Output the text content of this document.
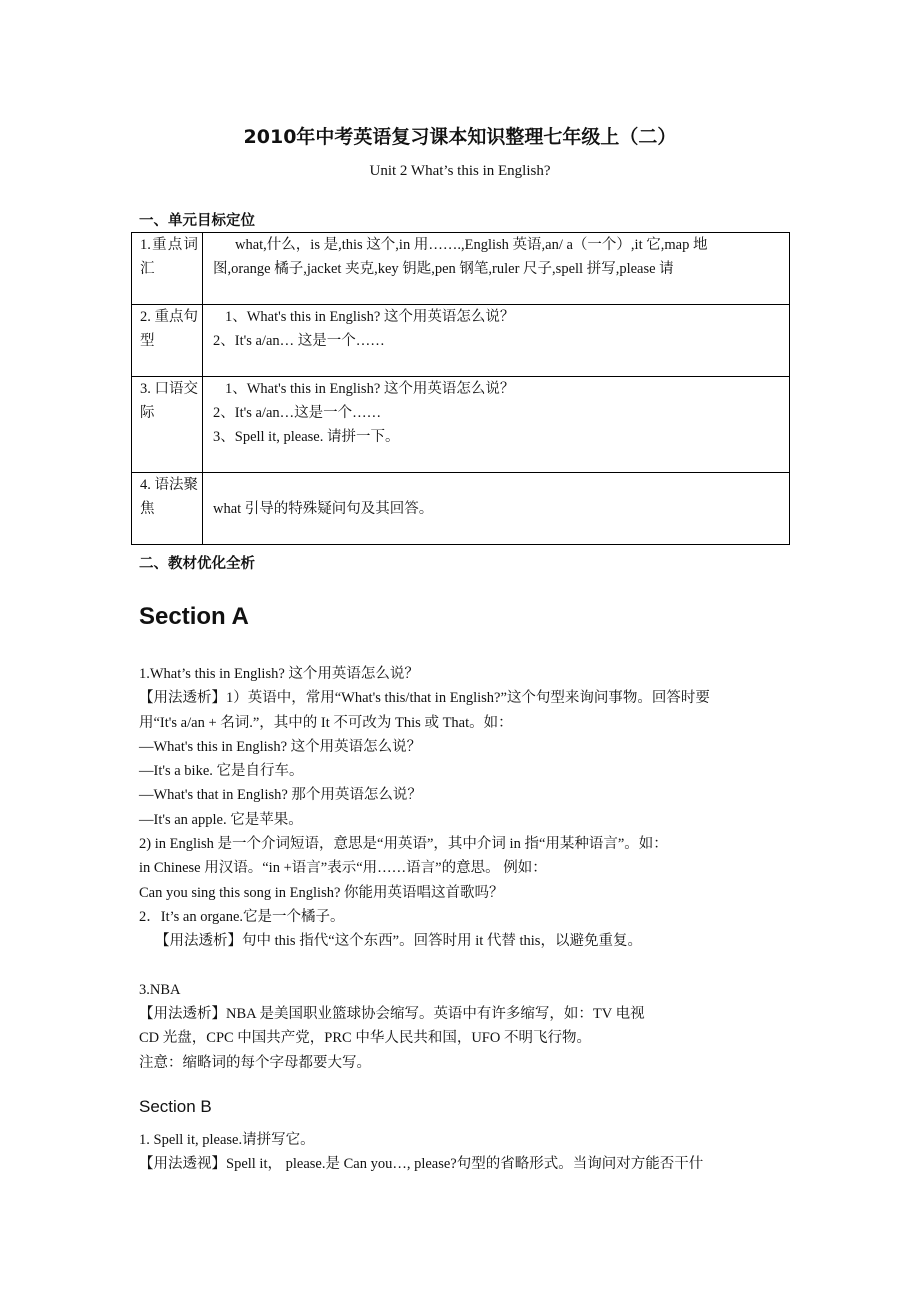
2010年中考英语复习课本知识整理七年级上（二）
Unit 2 What’s this in English?
一、单元目标定位
1.重点词汇	what,什么，is 是,this 这个,in 用…….,English 英语,an/ a（一个）,it 它,map 地
图,orange 橘子,jacket 夹克,key 钥匙,pen 钢笔,ruler 尺子,spell 拼写,please 请

2. 重点句型	1、What's this in English? 这个用英语怎么说？
2、It's a/an… 这是一个……

3. 口语交际	1、What's this in English? 这个用英语怎么说？
2、It's a/an…这是一个……
3、Spell it, please. 请拼一下。

4. 语法聚焦	what 引导的特殊疑问句及其回答。
二、教材优化全析
Section A

1.What’s this in English? 这个用英语怎么说？

【用法透析】1）英语中，常用“What's this/that in English?”这个句型来询问事物。回答时要

用“It's a/an + 名词.”，其中的 It 不可改为 This 或 That。如：

—What's this in English? 这个用英语怎么说？

—It's a bike. 它是自行车。

—What's that in English? 那个用英语怎么说？

—It's an apple. 它是苹果。

2) in English 是一个介词短语，意思是“用英语”，其中介词 in 指“用某种语言”。如：

in Chinese 用汉语。“in +语言”表示“用……语言”的意思。 例如：

Can you sing this song in English? 你能用英语唱这首歌吗？

2．It’s an organe.它是一个橘子。

【用法透析】句中 this 指代“这个东西”。回答时用 it 代替 this，以避免重复。

3.NBA

【用法透析】NBA 是美国职业篮球协会缩写。英语中有许多缩写，如：TV 电视

CD 光盘，CPC 中国共产党，PRC 中华人民共和国，UFO 不明飞行物。

注意：缩略词的每个字母都要大写。

Section B

1. Spell it, please.请拼写它。

【用法透视】Spell it， please.是 Can you…, please?句型的省略形式。当询问对方能否干什
